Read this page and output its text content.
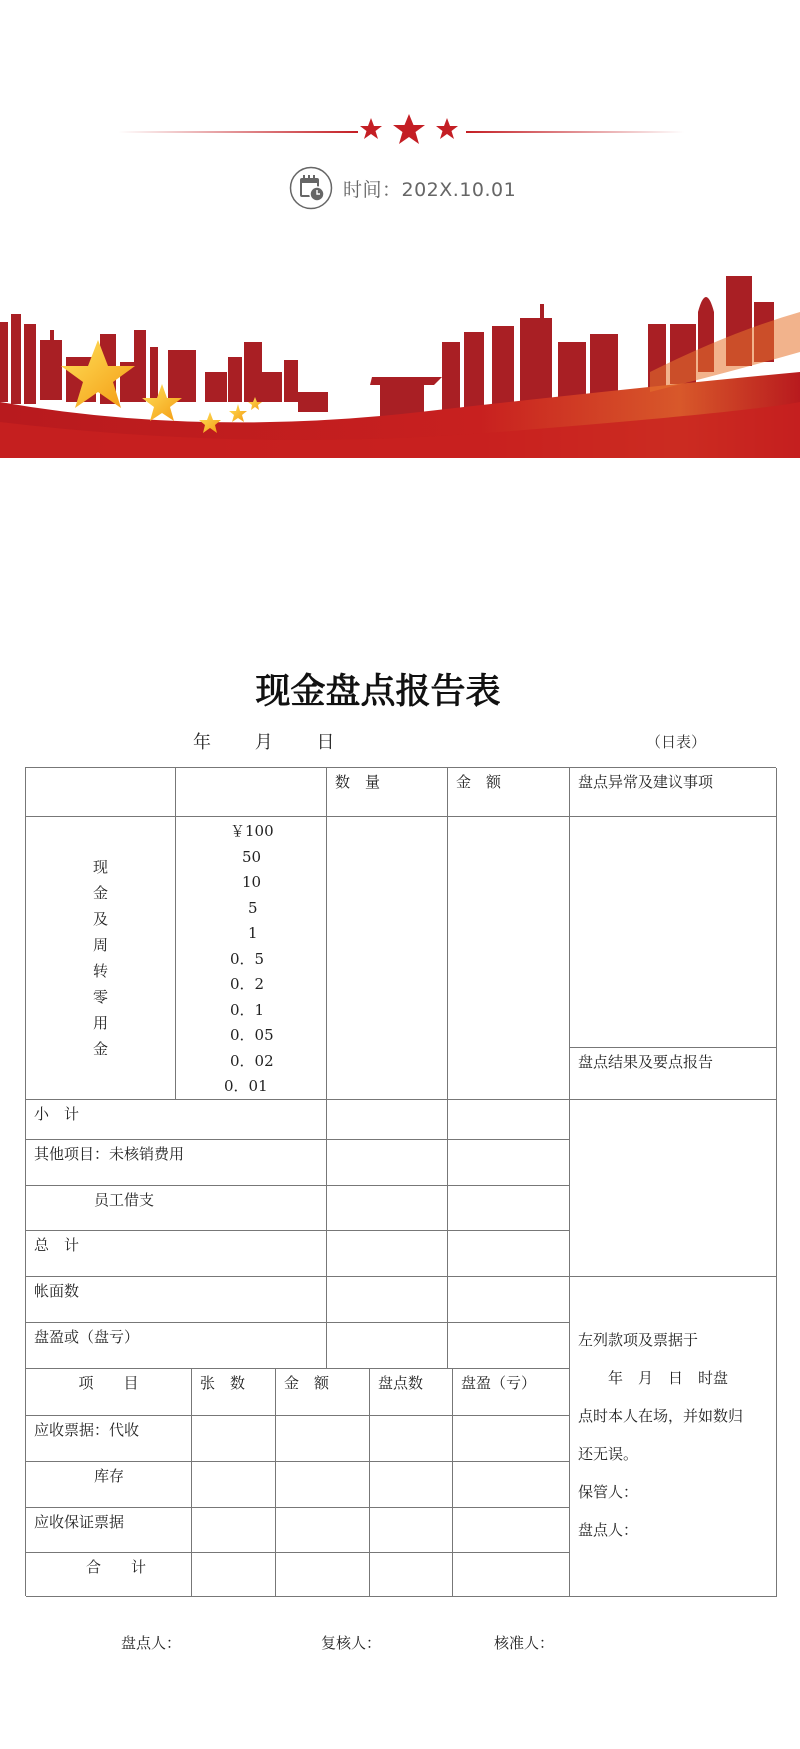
时间：202X.10.01
现金盘点报告表
年 月 日	（日表）
数　量	金　额	盘点异常及建议事项
现
金
及
周
转
零
用
金
￥100
50
10
5
1
0．5
0．2
0．1
0．05
0．02
0．01
盘点结果及要点报告
小　计
其他项目：未核销费用
　　　　员工借支
总　计
帐面数
盘盈或（盘亏）	左列款项及票据于
　　年　月　日　时盘
点时本人在场，并如数归
还无误。
保管人：
盘点人：
项　　目	张　数	金　额	盘点数	盘盈（亏）
应收票据：代收
　　　　库存
应收保证票据
　合　　计
盘点人：	复核人：	核准人：
